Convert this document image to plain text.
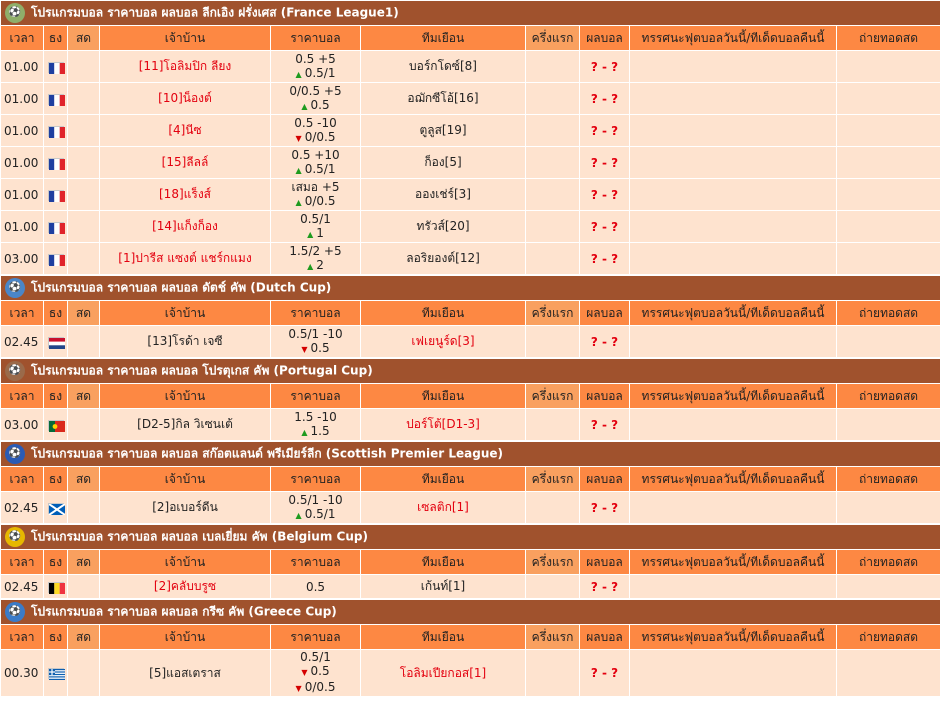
⚽ โปรแกรมบอล ราคาบอล ผลบอล ลีกเอิง ฝรั่งเศส (France League1)									
เวลา	ธง	สด	เจ้าบ้าน	ราคาบอล	ทีมเยือน	ครึ่งแรก	ผลบอล	ทรรศนะฟุตบอลวันนี้/ทีเด็ดบอลคืนนี้	ถ่ายทอดสด
01.00			[11]โอลิมปิก ลียง	0.5 +5
▲ 0.5/1	บอร์กโดซ์[8]		? - ?		
01.00			[10]น็องต์	0/0.5 +5
▲ 0.5	อฌักซีโอ้[16]		? - ?		
01.00			[4]นีซ	0.5 -10
▼ 0/0.5	ตูลูส[19]		? - ?		
01.00			[15]ลีลล์	0.5 +10
▲ 0.5/1	ก็อง[5]		? - ?		
01.00			[18]แร็งส์	เสมอ +5
▲ 0/0.5	อองเช่ร์[3]		? - ?		
01.00			[14]แก็งก็อง	0.5/1
▲ 1	ทรัวส์[20]		? - ?		
03.00			[1]ปารีส แซงต์ แชร์กแมง	1.5/2 +5
▲ 2	ลอริยองต์[12]		? - ?		
⚽ โปรแกรมบอล ราคาบอล ผลบอล ดัตช์ คัพ (Dutch Cup)									
เวลา	ธง	สด	เจ้าบ้าน	ราคาบอล	ทีมเยือน	ครึ่งแรก	ผลบอล	ทรรศนะฟุตบอลวันนี้/ทีเด็ดบอลคืนนี้	ถ่ายทอดสด
02.45			[13]โรด้า เจซี	0.5/1 -10
▼ 0.5	เฟเยนูร์ด[3]		? - ?		
⚽ โปรแกรมบอล ราคาบอล ผลบอล โปรตุเกส คัพ (Portugal Cup)									
เวลา	ธง	สด	เจ้าบ้าน	ราคาบอล	ทีมเยือน	ครึ่งแรก	ผลบอล	ทรรศนะฟุตบอลวันนี้/ทีเด็ดบอลคืนนี้	ถ่ายทอดสด
03.00			[D2-5]กิล วิเซนเต้	1.5 -10
▲ 1.5	ปอร์โต้[D1-3]		? - ?		
⚽ โปรแกรมบอล ราคาบอล ผลบอล สก๊อตแลนด์ พรีเมียร์ลีก (Scottish Premier League)									
เวลา	ธง	สด	เจ้าบ้าน	ราคาบอล	ทีมเยือน	ครึ่งแรก	ผลบอล	ทรรศนะฟุตบอลวันนี้/ทีเด็ดบอลคืนนี้	ถ่ายทอดสด
02.45			[2]อเบอร์ดีน	0.5/1 -10
▲ 0.5/1	เซลติก[1]		? - ?		
⚽ โปรแกรมบอล ราคาบอล ผลบอล เบลเยี่ยม คัพ (Belgium Cup)									
เวลา	ธง	สด	เจ้าบ้าน	ราคาบอล	ทีมเยือน	ครึ่งแรก	ผลบอล	ทรรศนะฟุตบอลวันนี้/ทีเด็ดบอลคืนนี้	ถ่ายทอดสด
02.45			[2]คลับบรูซ	0.5	เก้นท์[1]		? - ?		
⚽ โปรแกรมบอล ราคาบอล ผลบอล กรีซ คัพ (Greece Cup)									
เวลา	ธง	สด	เจ้าบ้าน	ราคาบอล	ทีมเยือน	ครึ่งแรก	ผลบอล	ทรรศนะฟุตบอลวันนี้/ทีเด็ดบอลคืนนี้	ถ่ายทอดสด
00.30			[5]แอสเตราส	0.5/1
▼ 0.5
▼ 0/0.5	โอลิมเปียกอส[1]		? - ?		
